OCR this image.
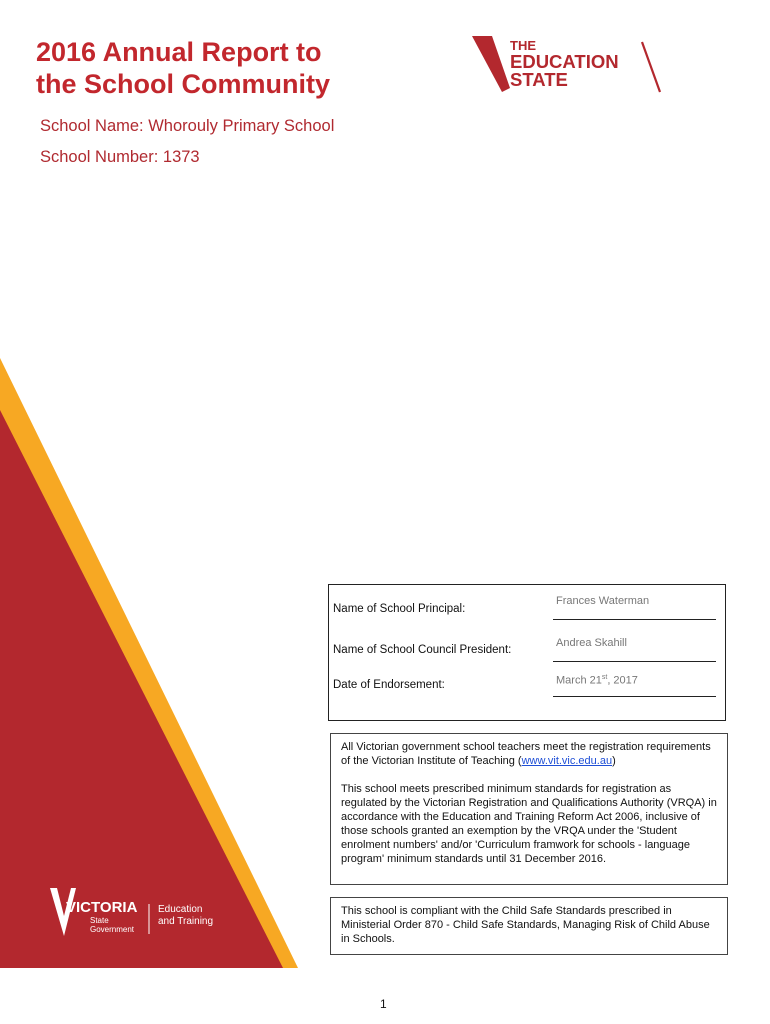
2016 Annual Report to
the School Community
School Name: Whorouly Primary School
School Number: 1373
THE
EDUCATION
STATE
VICTORIA
State
Government
Education
and Training
Name of School Principal:
Frances Waterman
Name of School Council President:
Andrea Skahill
Date of Endorsement:	March 21st, 2017

All Victorian government school teachers meet the registration requirements of the Victorian Institute of Teaching (www.vit.vic.edu.au)

This school meets prescribed minimum standards for registration as regulated by the Victorian Registration and Qualifications Authority (VRQA) in accordance with the Education and Training Reform Act 2006, inclusive of those schools granted an exemption by the VRQA under the 'Student enrolment numbers' and/or 'Curriculum framwork for schools - language program' minimum standards until 31 December 2016.

This school is compliant with the Child Safe Standards prescribed in Ministerial Order 870 - Child Safe Standards, Managing Risk of Child Abuse in Schools.

1
